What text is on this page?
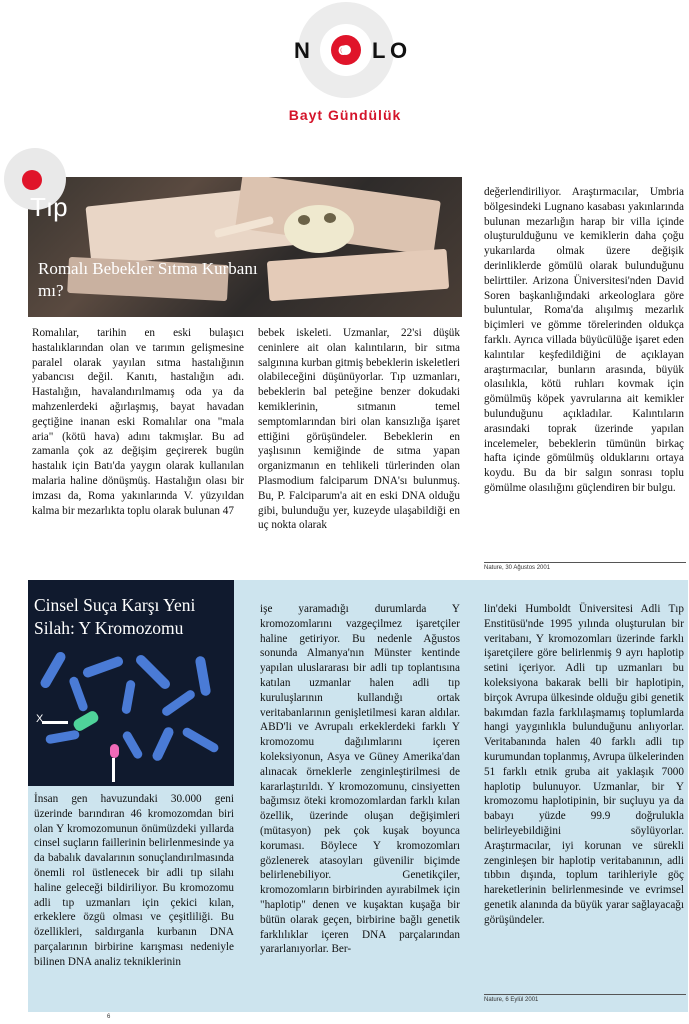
N	L O
O
Bayt Gündülük
Tıp
Romalı Bebekler Sıtma Kurbanı mı?
Romalılar, tarihin en eski bulaşıcı hastalıklarından olan ve tarımın gelişmesine paralel olarak yayılan sıtma hastalığının yabancısı değil. Kanıtı, hastalığın adı. Hastalığın, havalandırılmamış oda ya da mahzenlerdeki ağırlaşmış, bayat havadan geçtiğine inanan eski Romalılar ona "mala aria" (kötü hava) adını takmışlar. Bu ad zamanla çok az değişim geçirerek bugün hastalık için Batı'da yaygın olarak kullanılan malaria haline dönüşmüş. Hastalığın olası bir imzası da, Roma yakınlarında V. yüzyıldan kalma bir mezarlıkta toplu olarak bulunan 47
bebek iskeleti. Uzmanlar, 22'si düşük ceninlere ait olan kalıntıların, bir sıtma salgınına kurban gitmiş bebeklerin iskeletleri olabileceğini düşünüyorlar. Tıp uzmanları, bebeklerin bal peteğine benzer dokudaki kemiklerinin, sıtmanın temel semptomlarından biri olan kansızlığa işaret ettiğini görüşündeler. Bebeklerin en yaşlısının kemiğinde de sıtma yapan organizmanın en tehlikeli türlerinden olan Plasmodium falciparum DNA'sı bulunmuş. Bu, P. Falciparum'a ait en eski DNA olduğu gibi, bulunduğu yer, kuzeyde ulaşabildiği en uç nokta olarak
değerlendiriliyor. Araştırmacılar, Umbria bölgesindeki Lugnano kasabası yakınlarında bulunan mezarlığın harap bir villa içinde oluşturulduğunu ve kemiklerin daha çoğu yukarılarda olmak üzere değişik derinliklerde gömülü olarak bulunduğunu belirttiler. Arizona Üniversitesi'nden David Soren başkanlığındaki arkeologlara göre buluntular, Roma'da alışılmış mezarlık biçimleri ve gömme törelerinden oldukça farklı. Ayrıca villada büyücülüğe işaret eden kalıntılar keşfedildiğini de açıklayan araştırmacılar, bunların arasında, büyük olasılıkla, kötü ruhları kovmak için gömülmüş köpek yavrularına ait kemikler bulunduğunu açıkladılar. Kalıntıların arasındaki toprak üzerinde yapılan incelemeler, bebeklerin tümünün birkaç hafta içinde gömülmüş olduklarını ortaya koydu. Bu da bir salgın sonrası toplu gömülme olasılığını güçlendiren bir bulgu.
Nature, 30 Ağustos 2001
X
Cinsel Suça Karşı Yeni Silah: Y Kromozomu
İnsan gen havuzundaki 30.000 geni üzerinde barındıran 46 kromozomdan biri olan Y kromozomunun önümüzdeki yıllarda cinsel suçların faillerinin belirlenmesinde ya da babalık davalarının sonuçlandırılmasında önemli rol üstlenecek bir adli tıp silahı haline geleceği bildiriliyor. Bu kromozomu adli tıp uzmanları için çekici kılan, erkeklere özgü olması ve çeşitliliği. Bu özellikleri, saldırganla kurbanın DNA parçalarının birbirine karışması nedeniyle bilinen DNA analiz tekniklerinin
işe yaramadığı durumlarda Y kromozomlarını vazgeçilmez işaretçiler haline getiriyor. Bu nedenle Ağustos sonunda Almanya'nın Münster kentinde yapılan uluslararası bir adli tıp toplantısına katılan uzmanlar halen adli tıp kuruluşlarının kullandığı ortak veritabanlarının genişletilmesi karan aldılar. ABD'li ve Avrupalı erkeklerdeki farklı Y kromozomu dağılımlarını içeren koleksiyonun, Asya ve Güney Amerika'dan alınacak örneklerle zenginleştirilmesi de kararlaştırıldı. Y kromozomunu, cinsiyetten bağımsız öteki kromozomlardan farklı kılan özellik, üzerinde oluşan değişimleri (mütasyon) pek çok kuşak boyunca koruması. Böylece Y kromozomları gözlenerek atasoyları güvenilir biçimde belirlenebiliyor. Genetikçiler, kromozomların birbirinden ayırabilmek için "haplotip" denen ve kuşaktan kuşağa bir bütün olarak geçen, birbirine bağlı genetik farklılıklar içeren DNA parçalarından yararlanıyorlar. Ber-
lin'deki Humboldt Üniversitesi Adli Tıp Enstitüsü'nde 1995 yılında oluşturulan bir veritabanı, Y kromozomları üzerinde farklı işaretçilere göre belirlenmiş 9 ayrı haplotip setini içeriyor. Adli tıp uzmanları bu koleksiyona bakarak belli bir haplotipin, birçok Avrupa ülkesinde olduğu gibi genetik bakımdan fazla farklılaşmamış toplumlarda hangi yaygınlıkla bulunduğunu anlıyorlar. Veritabanında halen 40 farklı adli tıp kurumundan toplanmış, Avrupa ülkelerinden 51 farklı etnik gruba ait yaklaşık 7000 haplotip bulunuyor. Uzmanlar, bir Y kromozomu haplotipinin, bir suçluyu ya da babayı yüzde 99.9 doğrulukla belirleyebildiğini söylüyorlar. Araştırmacılar, iyi korunan ve sürekli zenginleşen bir haplotip veritabanının, adli tıbbın dışında, toplum tarihleriyle göç hareketlerinin belirlenmesinde ve evrimsel genetik alanında da büyük yarar sağlayacağı görüşündeler.
Nature, 6 Eylül 2001
6
